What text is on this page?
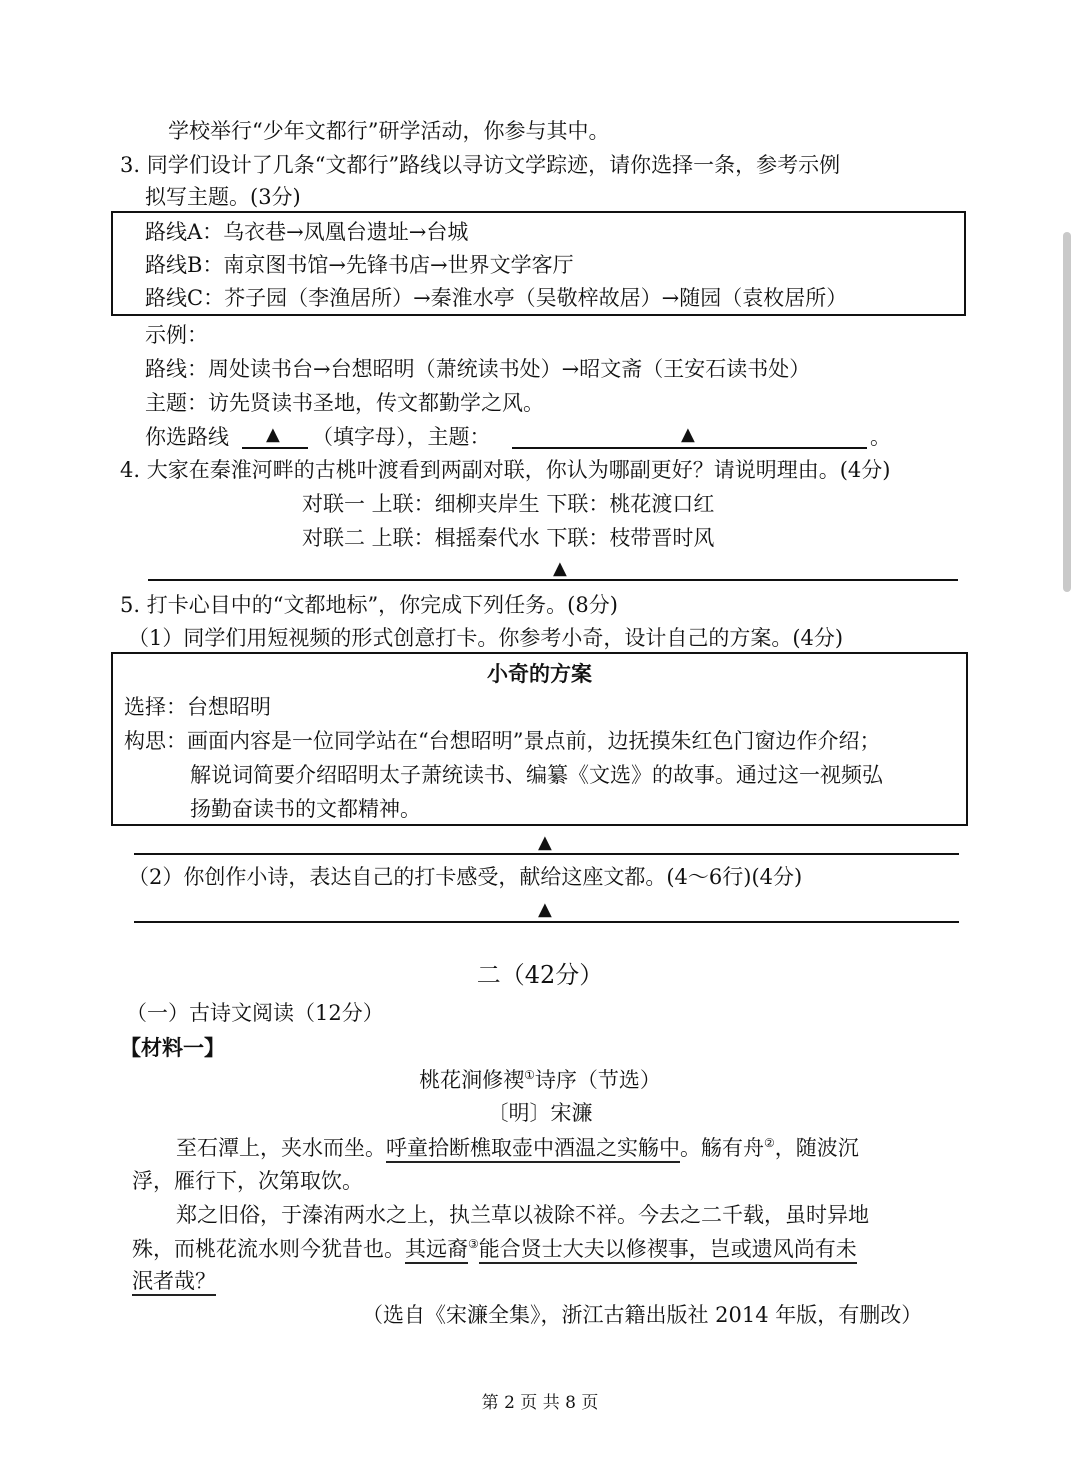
学校举行“少年文都行”研学活动，你参与其中。
3. 同学们设计了几条“文都行”路线以寻访文学踪迹，请你选择一条，参考示例
拟写主题。(3分)
路线A：乌衣巷→凤凰台遗址→台城
路线B：南京图书馆→先锋书店→世界文学客厅
路线C：芥子园（李渔居所）→秦淮水亭（吴敬梓故居）→随园（袁枚居所）
示例：
路线：周处读书台→台想昭明（萧统读书处）→昭文斋（王安石读书处）
主题：访先贤读书圣地，传文都勤学之风。
你选路线 ▲ （填字母），主题：	▲	。
4. 大家在秦淮河畔的古桃叶渡看到两副对联，你认为哪副更好？请说明理由。(4分)
对联一 上联：细柳夹岸生 下联：桃花渡口红
对联二 上联：楫摇秦代水 下联：枝带晋时风
▲
5. 打卡心目中的“文都地标”，你完成下列任务。(8分)
（1）同学们用短视频的形式创意打卡。你参考小奇，设计自己的方案。(4分)
小奇的方案
选择：台想昭明
构思：画面内容是一位同学站在“台想昭明”景点前，边抚摸朱红色门窗边作介绍；
解说词简要介绍昭明太子萧统读书、编纂《文选》的故事。通过这一视频弘
扬勤奋读书的文都精神。
▲
（2）你创作小诗，表达自己的打卡感受，献给这座文都。(4～6行)(4分)
▲
二（42分）
（一）古诗文阅读（12分）
【材料一】
桃花涧修禊①诗序（节选）
〔明〕宋濂
至石潭上，夹水而坐。呼童拾断樵取壶中酒温之实觞中。觞有舟②，随波沉
浮，雁行下，次第取饮。
郑之旧俗，于溱洧两水之上，执兰草以祓除不祥。今去之二千载，虽时异地
殊，而桃花流水则今犹昔也。其远裔③能合贤士大夫以修禊事，岂或遗风尚有未
泯者哉？
（选自《宋濂全集》，浙江古籍出版社 2014 年版，有删改）
第 2 页 共 8 页
